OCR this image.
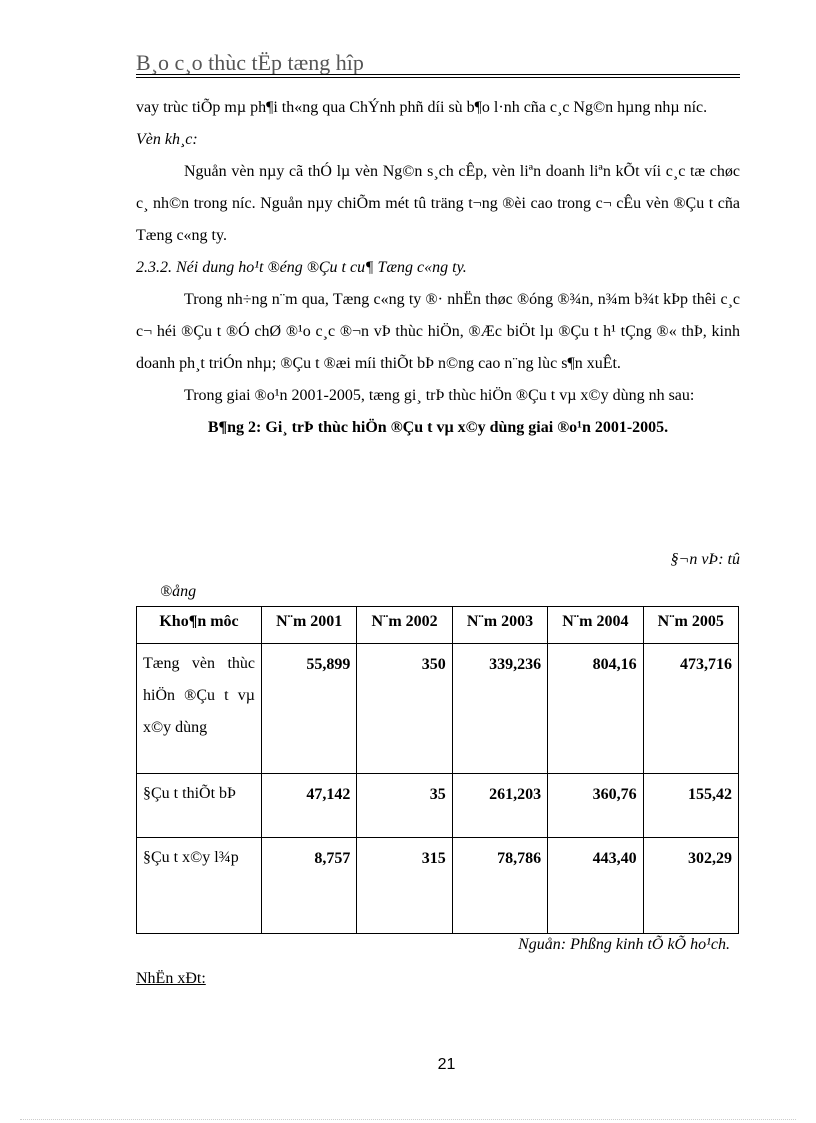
B¸o c¸o thùc tËp tæng hîp
vay trùc tiÕp mµ ph¶i th«ng qua ChÝnh phñ díi sù b¶o l·nh cña c¸c Ng©n hµng nhµ níc.
Vèn kh¸c:
Nguån vèn nµy cã thÓ lµ vèn Ng©n s¸ch cÊp, vèn liªn doanh liªn kÕt víi c¸c tæ chøc c¸ nh©n trong níc. Nguån nµy chiÕm mét tû träng t¬ng ®èi cao trong c¬ cÊu vèn ®Çu t cña Tæng c«ng ty.
2.3.2. Néi dung ho¹t ®éng ®Çu t cu¶ Tæng c«ng ty.
Trong nh÷ng n¨m qua, Tæng c«ng ty ®· nhËn thøc ®óng ®¾n, n¾m b¾t kÞp thêi c¸c c¬ héi ®Çu t ®Ó chØ ®¹o c¸c ®¬n vÞ thùc hiÖn, ®Æc biÖt lµ ®Çu t h¹ tÇng ®« thÞ, kinh doanh ph¸t triÓn nhµ; ®Çu t ®æi míi thiÕt bÞ n©ng cao n¨ng lùc s¶n xuÊt.
Trong giai ®o¹n 2001-2005, tæng gi¸ trÞ thùc hiÖn ®Çu t vµ x©y dùng nh sau:
B¶ng 2: Gi¸ trÞ thùc hiÖn ®Çu t vµ x©y dùng giai ®o¹n 2001-2005.
§¬n vÞ: tû
®ång
Kho¶n môc	N¨m 2001	N¨m 2002	N¨m 2003	N¨m 2004	N¨m 2005
Tæng vèn thùc hiÖn ®Çu t vµ x©y dùng	55,899	350	339,236	804,16	473,716
§Çu t thiÕt bÞ	47,142	35	261,203	360,76	155,42
§Çu t x©y l¾p	8,757	315	78,786	443,40	302,29
Nguån: Phßng kinh tÕ kÕ ho¹ch.
NhËn xÐt:
21
